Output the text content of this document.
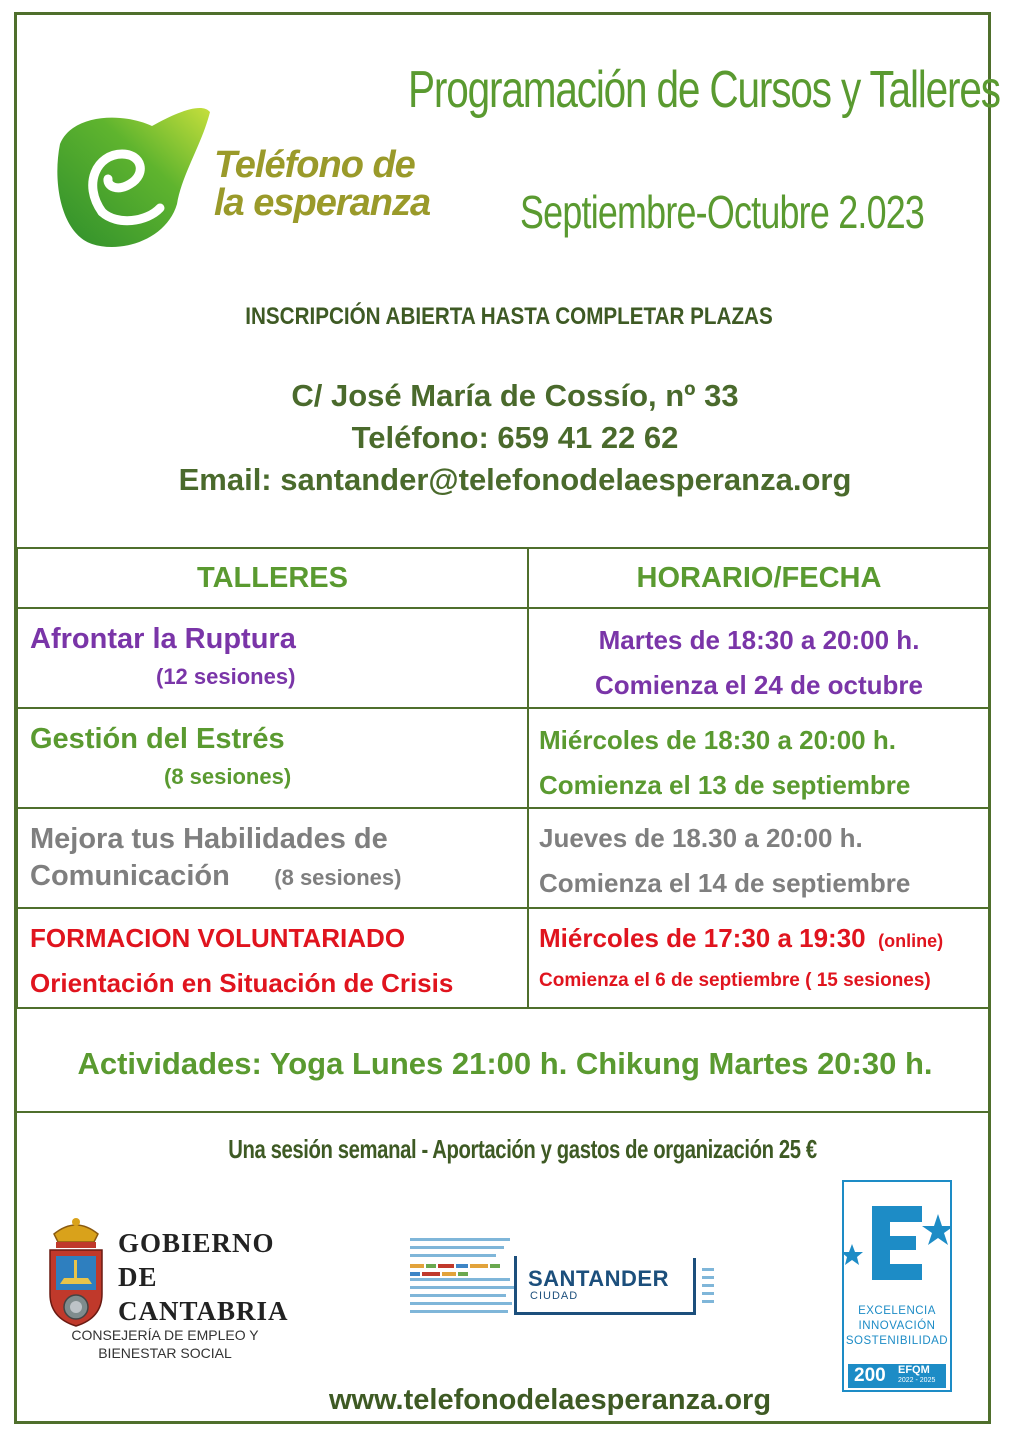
Teléfono de
la esperanza
Programación de Cursos y Talleres
Septiembre-Octubre 2.023
INSCRIPCIÓN ABIERTA HASTA COMPLETAR PLAZAS
C/ José María de Cossío, nº 33
Teléfono: 659 41 22 62
Email: santander@telefonodelaesperanza.org
TALLERES	HORARIO/FECHA

Afrontar la Ruptura
(12 sesiones)	Martes de 18:30 a 20:00 h.
Comienza el 24 de octubre

Gestión del Estrés
(8 sesiones)	Miércoles de 18:30 a 20:00 h.
Comienza el 13 de septiembre

Mejora tus Habilidades de
Comunicación (8 sesiones)	Jueves de 18.30 a 20:00 h.
Comienza el 14 de septiembre

FORMACION VOLUNTARIADO
Orientación en Situación de Crisis	Miércoles de 17:30 a 19:30 (online)
Comienza el 6 de septiembre ( 15 sesiones)
Actividades: Yoga Lunes 21:00 h. Chikung Martes 20:30 h.
Una sesión semanal - Aportación y gastos de organización 25 €
GOBIERNO
DE
CANTABRIA
CONSEJERÍA DE EMPLEO Y
BIENESTAR SOCIAL
SANTANDER
CIUDAD
EXCELENCIA
INNOVACIÓN
SOSTENIBILIDAD
200 EFQM
2022 - 2025
www.telefonodelaesperanza.org
